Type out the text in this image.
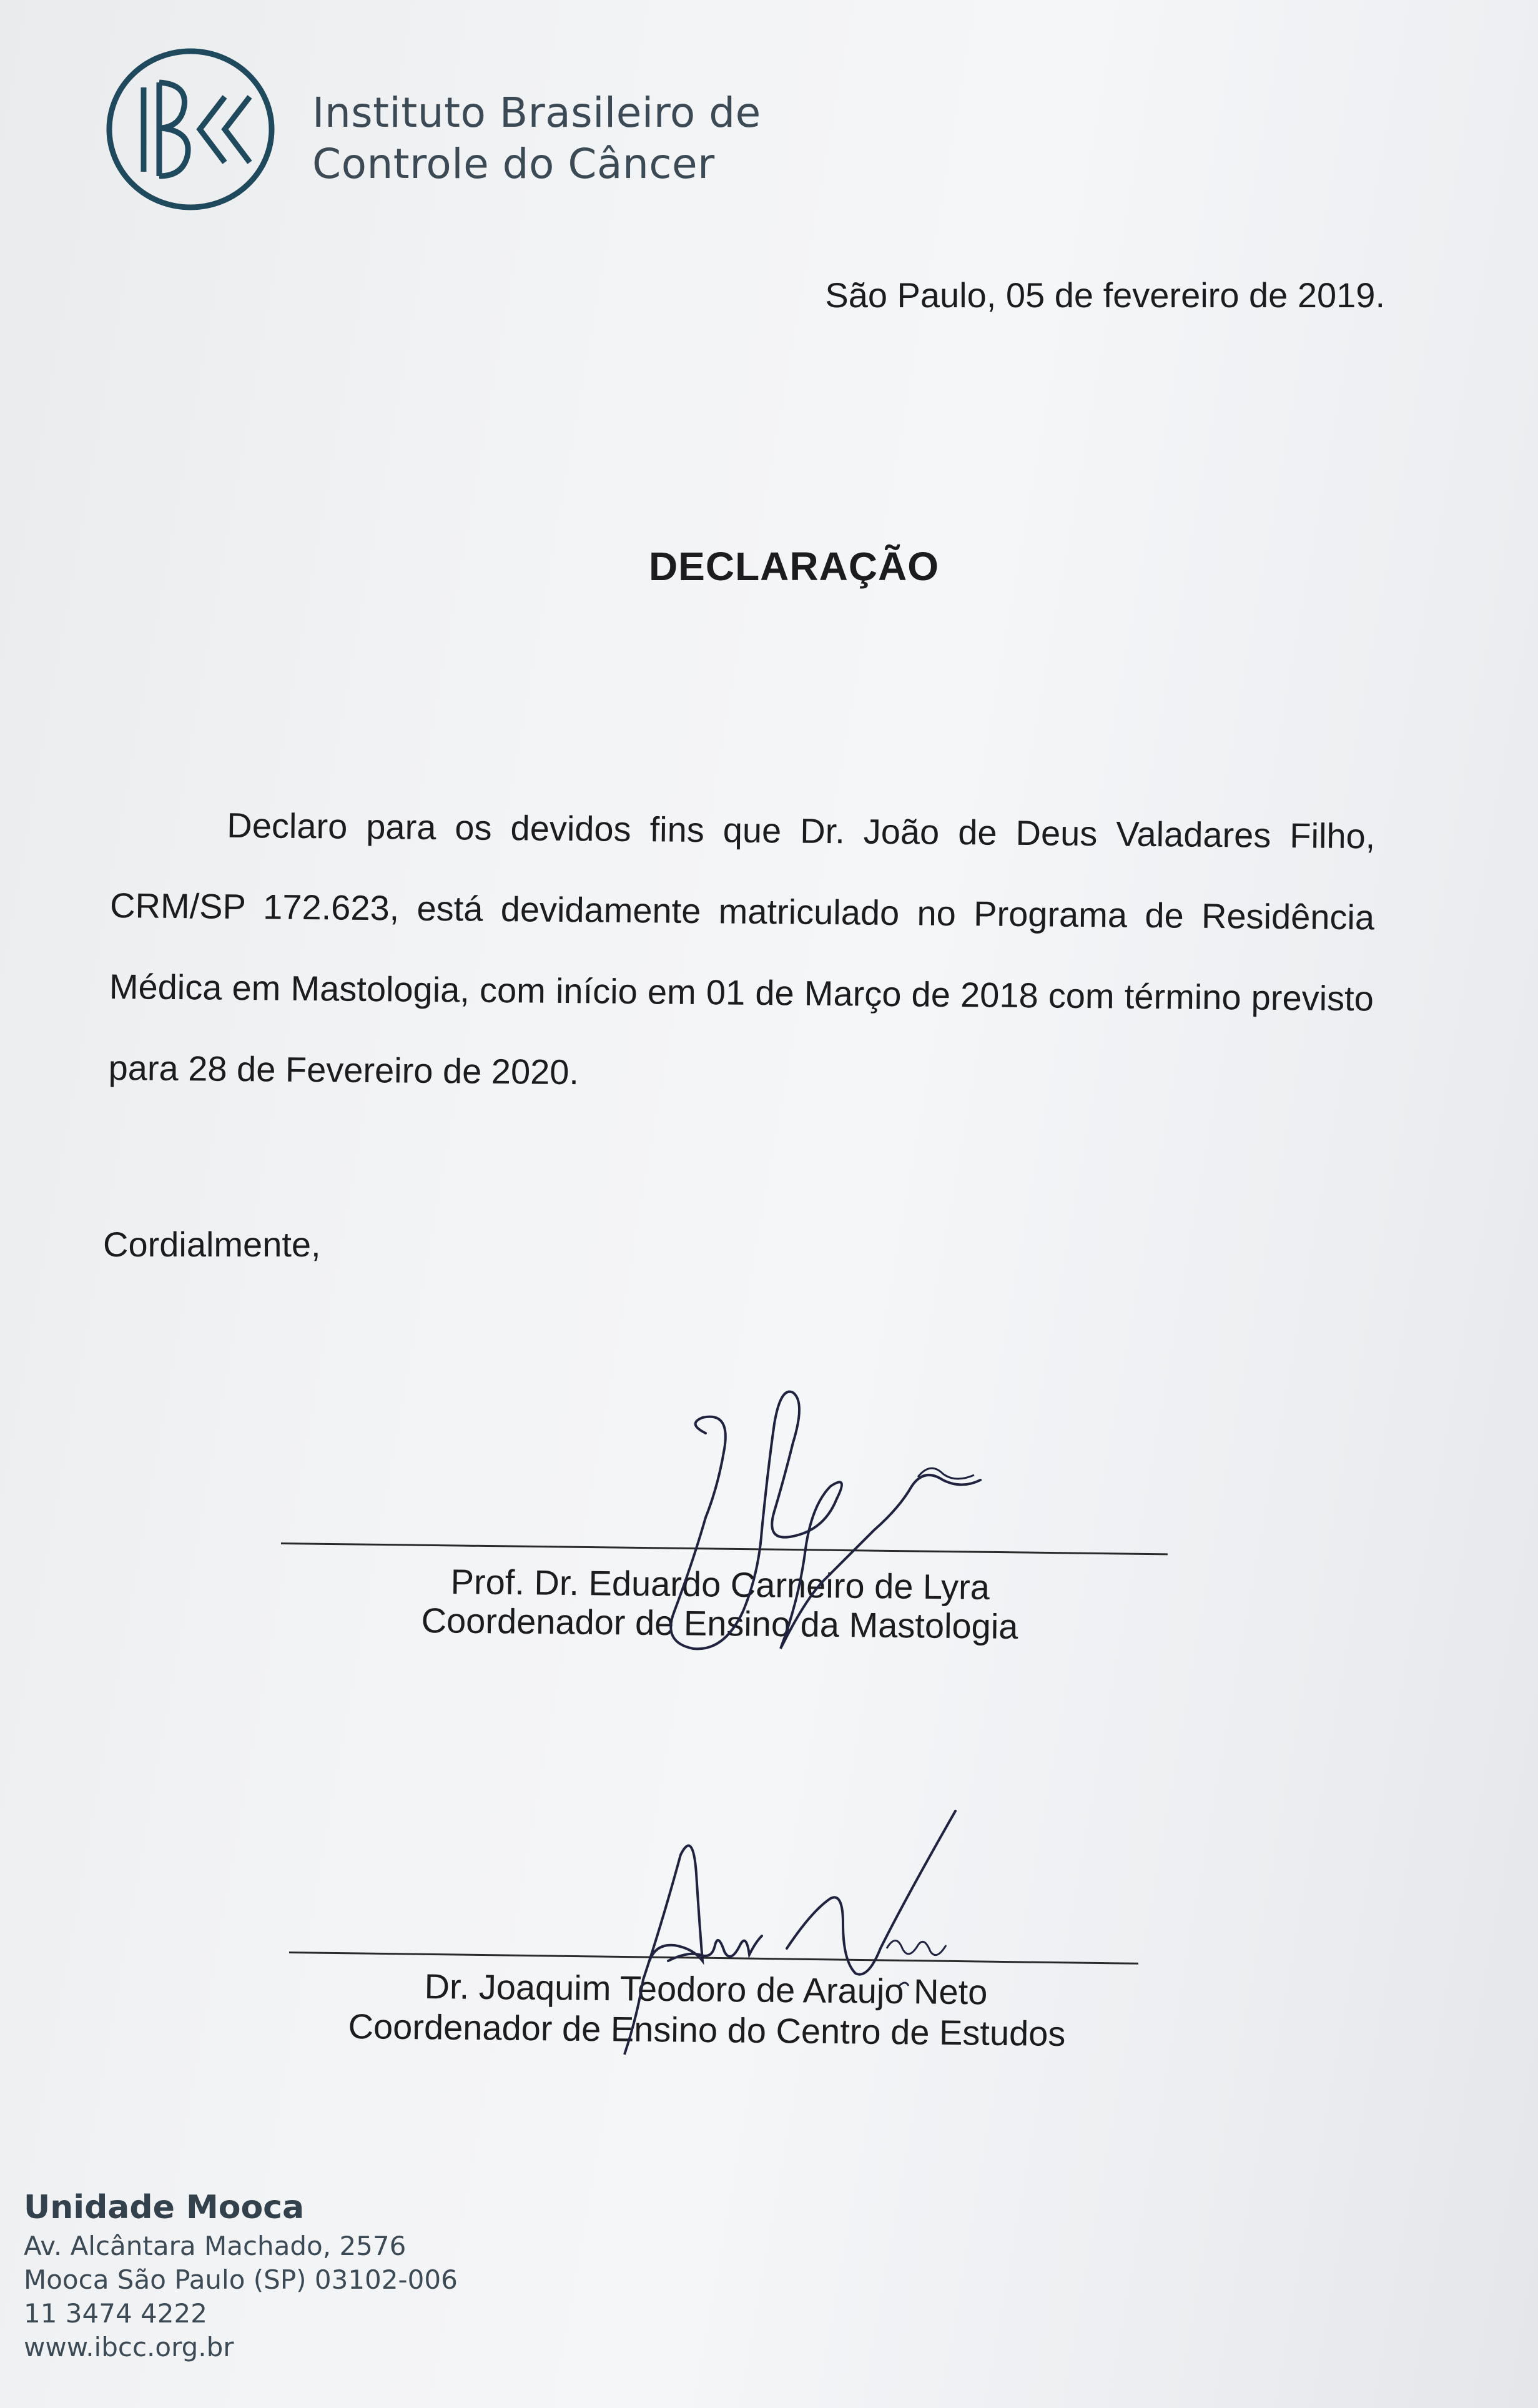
Instituto Brasileiro de
Controle do Câncer
São Paulo, 05 de fevereiro de 2019.
DECLARAÇÃO
Declaro para os devidos fins que Dr. João de Deus Valadares Filho, CRM/SP 172.623, está devidamente matriculado no Programa de Residência Médica em Mastologia, com início em 01 de Março de 2018 com término previsto para 28 de Fevereiro de 2020.
Cordialmente,
Prof. Dr. Eduardo Carneiro de Lyra
Coordenador de Ensino da Mastologia
Dr. Joaquim Teodoro de Araujo Neto
Coordenador de Ensino do Centro de Estudos
Unidade Mooca
Av. Alcântara Machado, 2576
Mooca São Paulo (SP) 03102-006
11 3474 4222
www.ibcc.org.br
